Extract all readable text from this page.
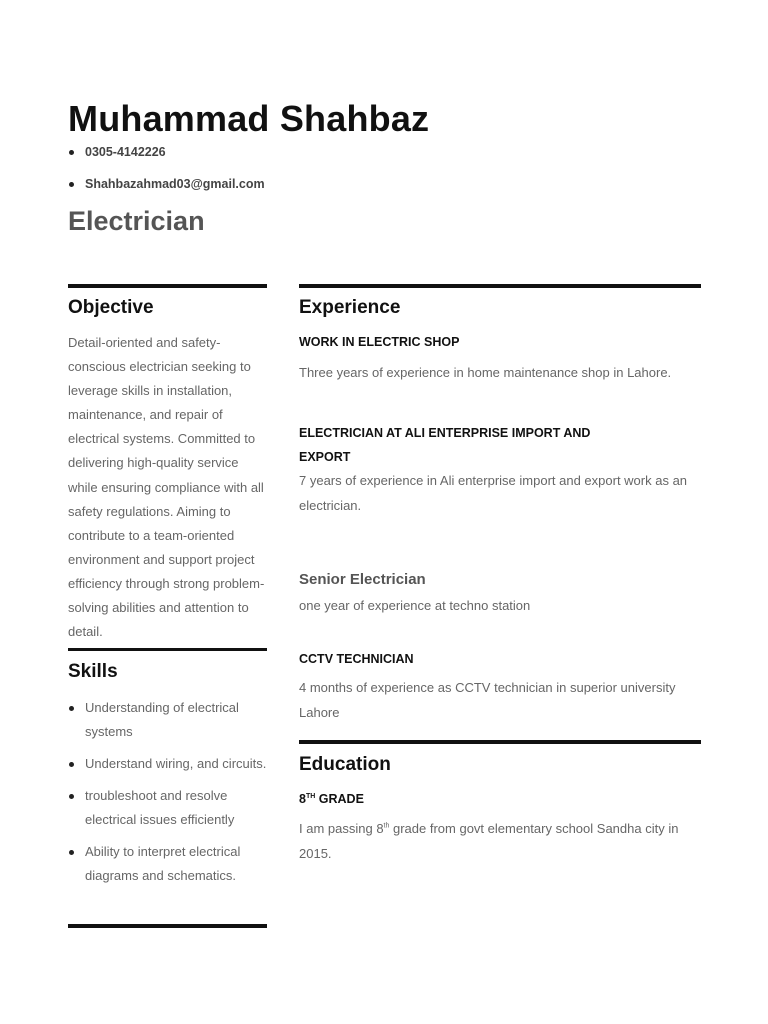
Muhammad Shahbaz
0305-4142226
Shahbazahmad03@gmail.com
Electrician
Objective
Detail-oriented and safety-conscious electrician seeking to leverage skills in installation, maintenance, and repair of electrical systems. Committed to delivering high-quality service while ensuring compliance with all safety regulations. Aiming to contribute to a team-oriented environment and support project efficiency through strong problem-solving abilities and attention to detail.
Skills
Understanding of electrical systems
Understand wiring, and circuits.
troubleshoot and resolve electrical issues efficiently
Ability to interpret electrical diagrams and schematics.
Experience
WORK IN ELECTRIC SHOP
Three years of experience in home maintenance shop in Lahore.
ELECTRICIAN AT ALI ENTERPRISE IMPORT AND EXPORT
7 years of experience in Ali enterprise import and export work as an electrician.
Senior Electrician
one year of experience at techno station
CCTV TECHNICIAN
4 months of experience as CCTV technician in superior university Lahore
Education
8TH GRADE
I am passing 8th grade from govt elementary school Sandha city in 2015.
